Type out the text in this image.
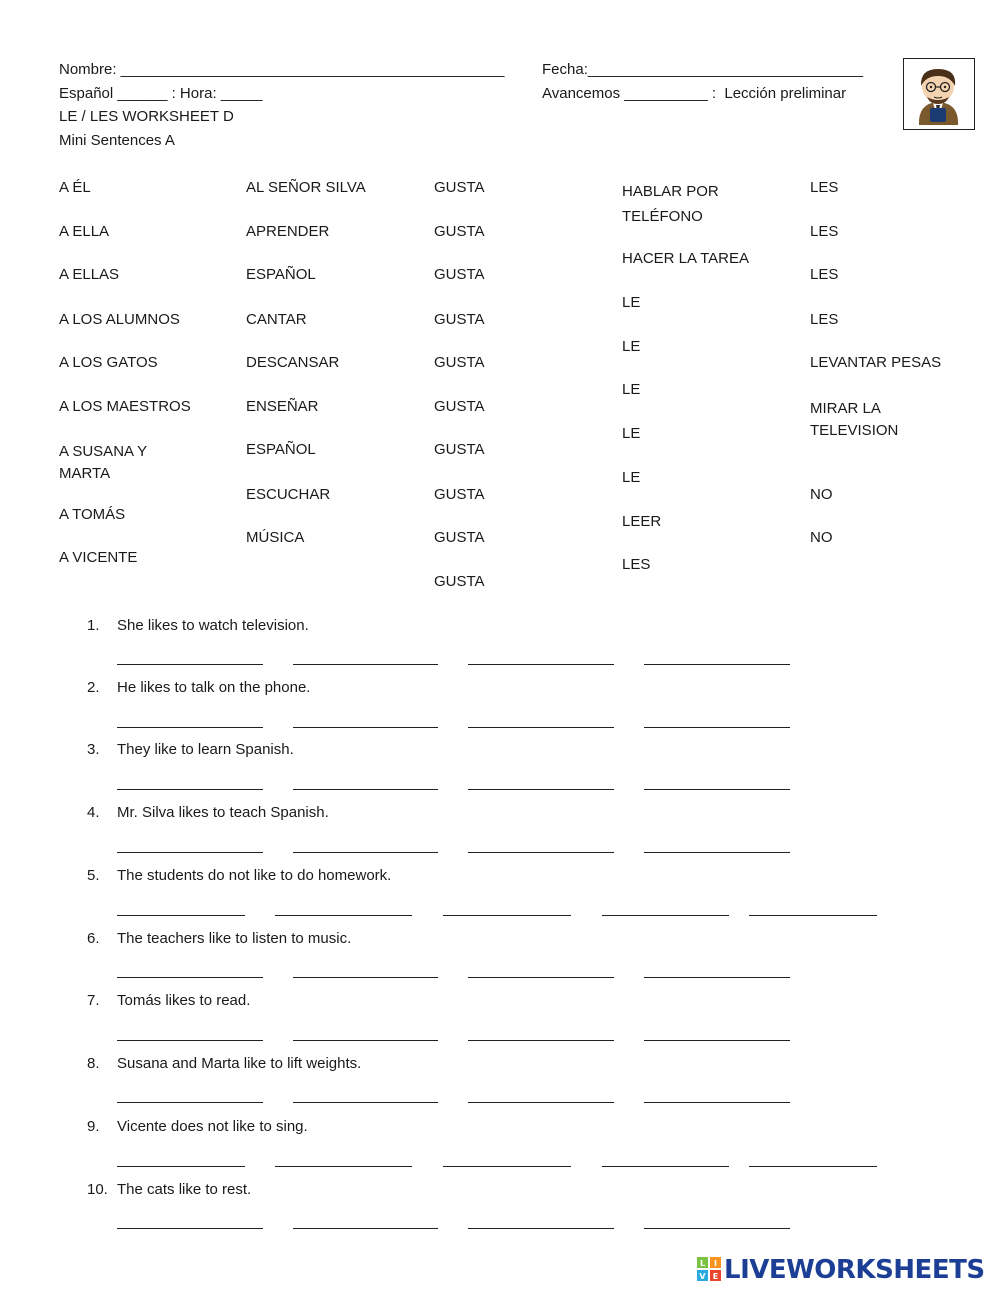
Nombre: ______________________________________________	Fecha:_________________________________
Español ______ : Hora: _____	Avancemos __________ :  Lección preliminar
LE / LES WORKSHEET D
Mini Sentences A
A ÉL
A ELLA
A ELLAS
A LOS ALUMNOS
A LOS GATOS
A LOS MAESTROS
A SUSANA Y MARTA
A TOMÁS
A VICENTE
AL SEÑOR SILVA
APRENDER
ESPAÑOL
CANTAR
DESCANSAR
ENSEÑAR
ESPAÑOL
ESCUCHAR
MÚSICA
GUSTA
GUSTA
GUSTA
GUSTA
GUSTA
GUSTA
GUSTA
GUSTA
GUSTA
GUSTA
HABLAR POR TELÉFONO
HACER LA TAREA
LE
LE
LE
LE
LE
LEER
LES
LES
LES
LES
LES
LEVANTAR PESAS
MIRAR LA TELEVISION
NO
NO
1. She likes to watch television.
2. He likes to talk on the phone.
3. They like to learn Spanish.
4. Mr. Silva likes to teach Spanish.
5. The students do not like to do homework.
6. The teachers like to listen to music.
7. Tomás likes to read.
8. Susana and Marta like to lift weights.
9. Vicente does not like to sing.
10. The cats like to rest.
L I
V E LIVEWORKSHEETS
